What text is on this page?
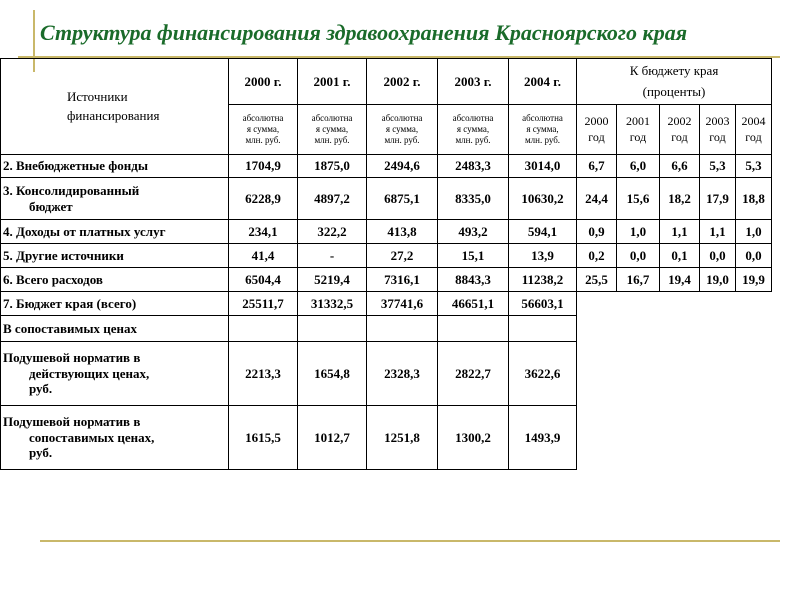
Структура финансирования здравоохранения Красноярского края
Источники
финансирования	2000 г.	2001 г.	2002 г.	2003 г.	2004 г.	К бюджету края
(проценты)				

	абсолютна
я сумма,
млн. руб.	абсолютна
я сумма,
млн. руб.	абсолютна
я сумма,
млн. руб.	абсолютна
я сумма,
млн. руб.	абсолютна
я сумма,
млн. руб.	2000
год	2001
год	2002
год	2003
год	2004
год

2. Внебюджетные фонды	1704,9	1875,0	2494,6	2483,3	3014,0	6,7	6,0	6,6	5,3	5,3

3. Консолидированный
бюджет	6228,9	4897,2	6875,1	8335,0	10630,2	24,4	15,6	18,2	17,9	18,8

4. Доходы от платных услуг	234,1	322,2	413,8	493,2	594,1	0,9	1,0	1,1	1,1	1,0

5. Другие источники	41,4	-	27,2	15,1	13,9	0,2	0,0	0,1	0,0	0,0

6. Всего расходов	6504,4	5219,4	7316,1	8843,3	11238,2	25,5	16,7	19,4	19,0	19,9

7. Бюджет края (всего)	25511,7	31332,5	37741,6	46651,1	56603,1					

В сопоставимых ценах										

Подушевой норматив в
действующих ценах,
руб.	2213,3	1654,8	2328,3	2822,7	3622,6					

Подушевой норматив в
сопоставимых ценах,
руб.	1615,5	1012,7	1251,8	1300,2	1493,9					
